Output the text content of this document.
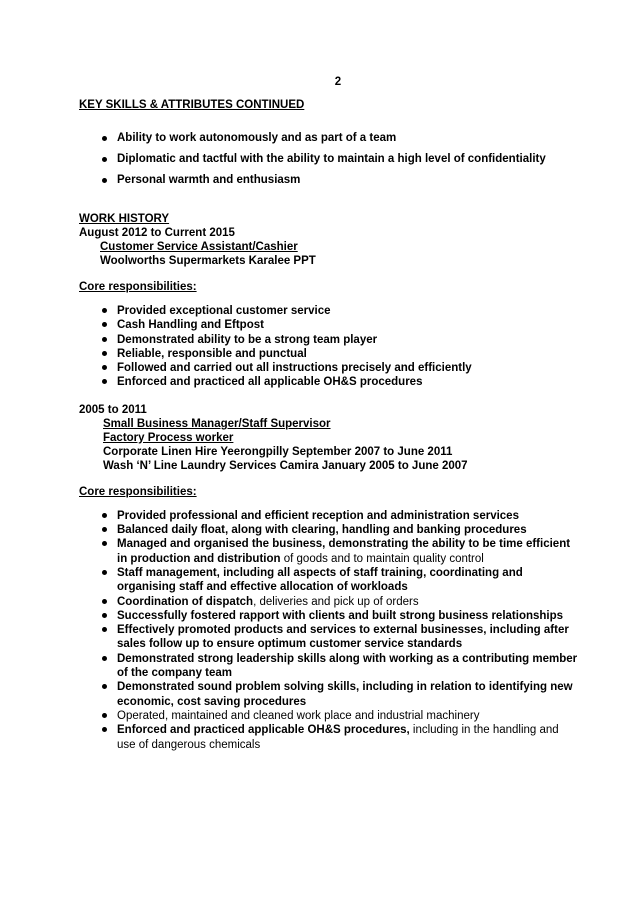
2
KEY SKILLS & ATTRIBUTES CONTINUED
Ability to work autonomously and as part of a team
Diplomatic and tactful with the ability to maintain a high level of confidentiality
Personal warmth and enthusiasm
WORK HISTORY
August 2012 to Current 2015
Customer Service Assistant/Cashier
Woolworths Supermarkets Karalee PPT
Core responsibilities:
Provided exceptional customer service
Cash Handling and Eftpost
Demonstrated ability to be a strong team player
Reliable, responsible and punctual
Followed and carried out all instructions precisely and efficiently
Enforced and practiced all applicable OH&S procedures
2005 to 2011
Small Business Manager/Staff Supervisor
Factory Process worker
Corporate Linen Hire Yeerongpilly September 2007 to June 2011
Wash ‘N’ Line Laundry Services Camira January 2005 to June 2007
Core responsibilities:
Provided professional and efficient reception and administration services
Balanced daily float, along with clearing, handling and banking procedures
Managed and organised the business, demonstrating the ability to be time efficient in production and distribution of goods and to maintain quality control
Staff management, including all aspects of staff training, coordinating and organising staff and effective allocation of workloads
Coordination of dispatch, deliveries and pick up of orders
Successfully fostered rapport with clients and built strong business relationships
Effectively promoted products and services to external businesses, including after sales follow up to ensure optimum customer service standards
Demonstrated strong leadership skills along with working as a contributing member of the company team
Demonstrated sound problem solving skills, including in relation to identifying new economic, cost saving procedures
Operated, maintained and cleaned work place and industrial machinery
Enforced and practiced applicable OH&S procedures, including in the handling and use of dangerous chemicals
